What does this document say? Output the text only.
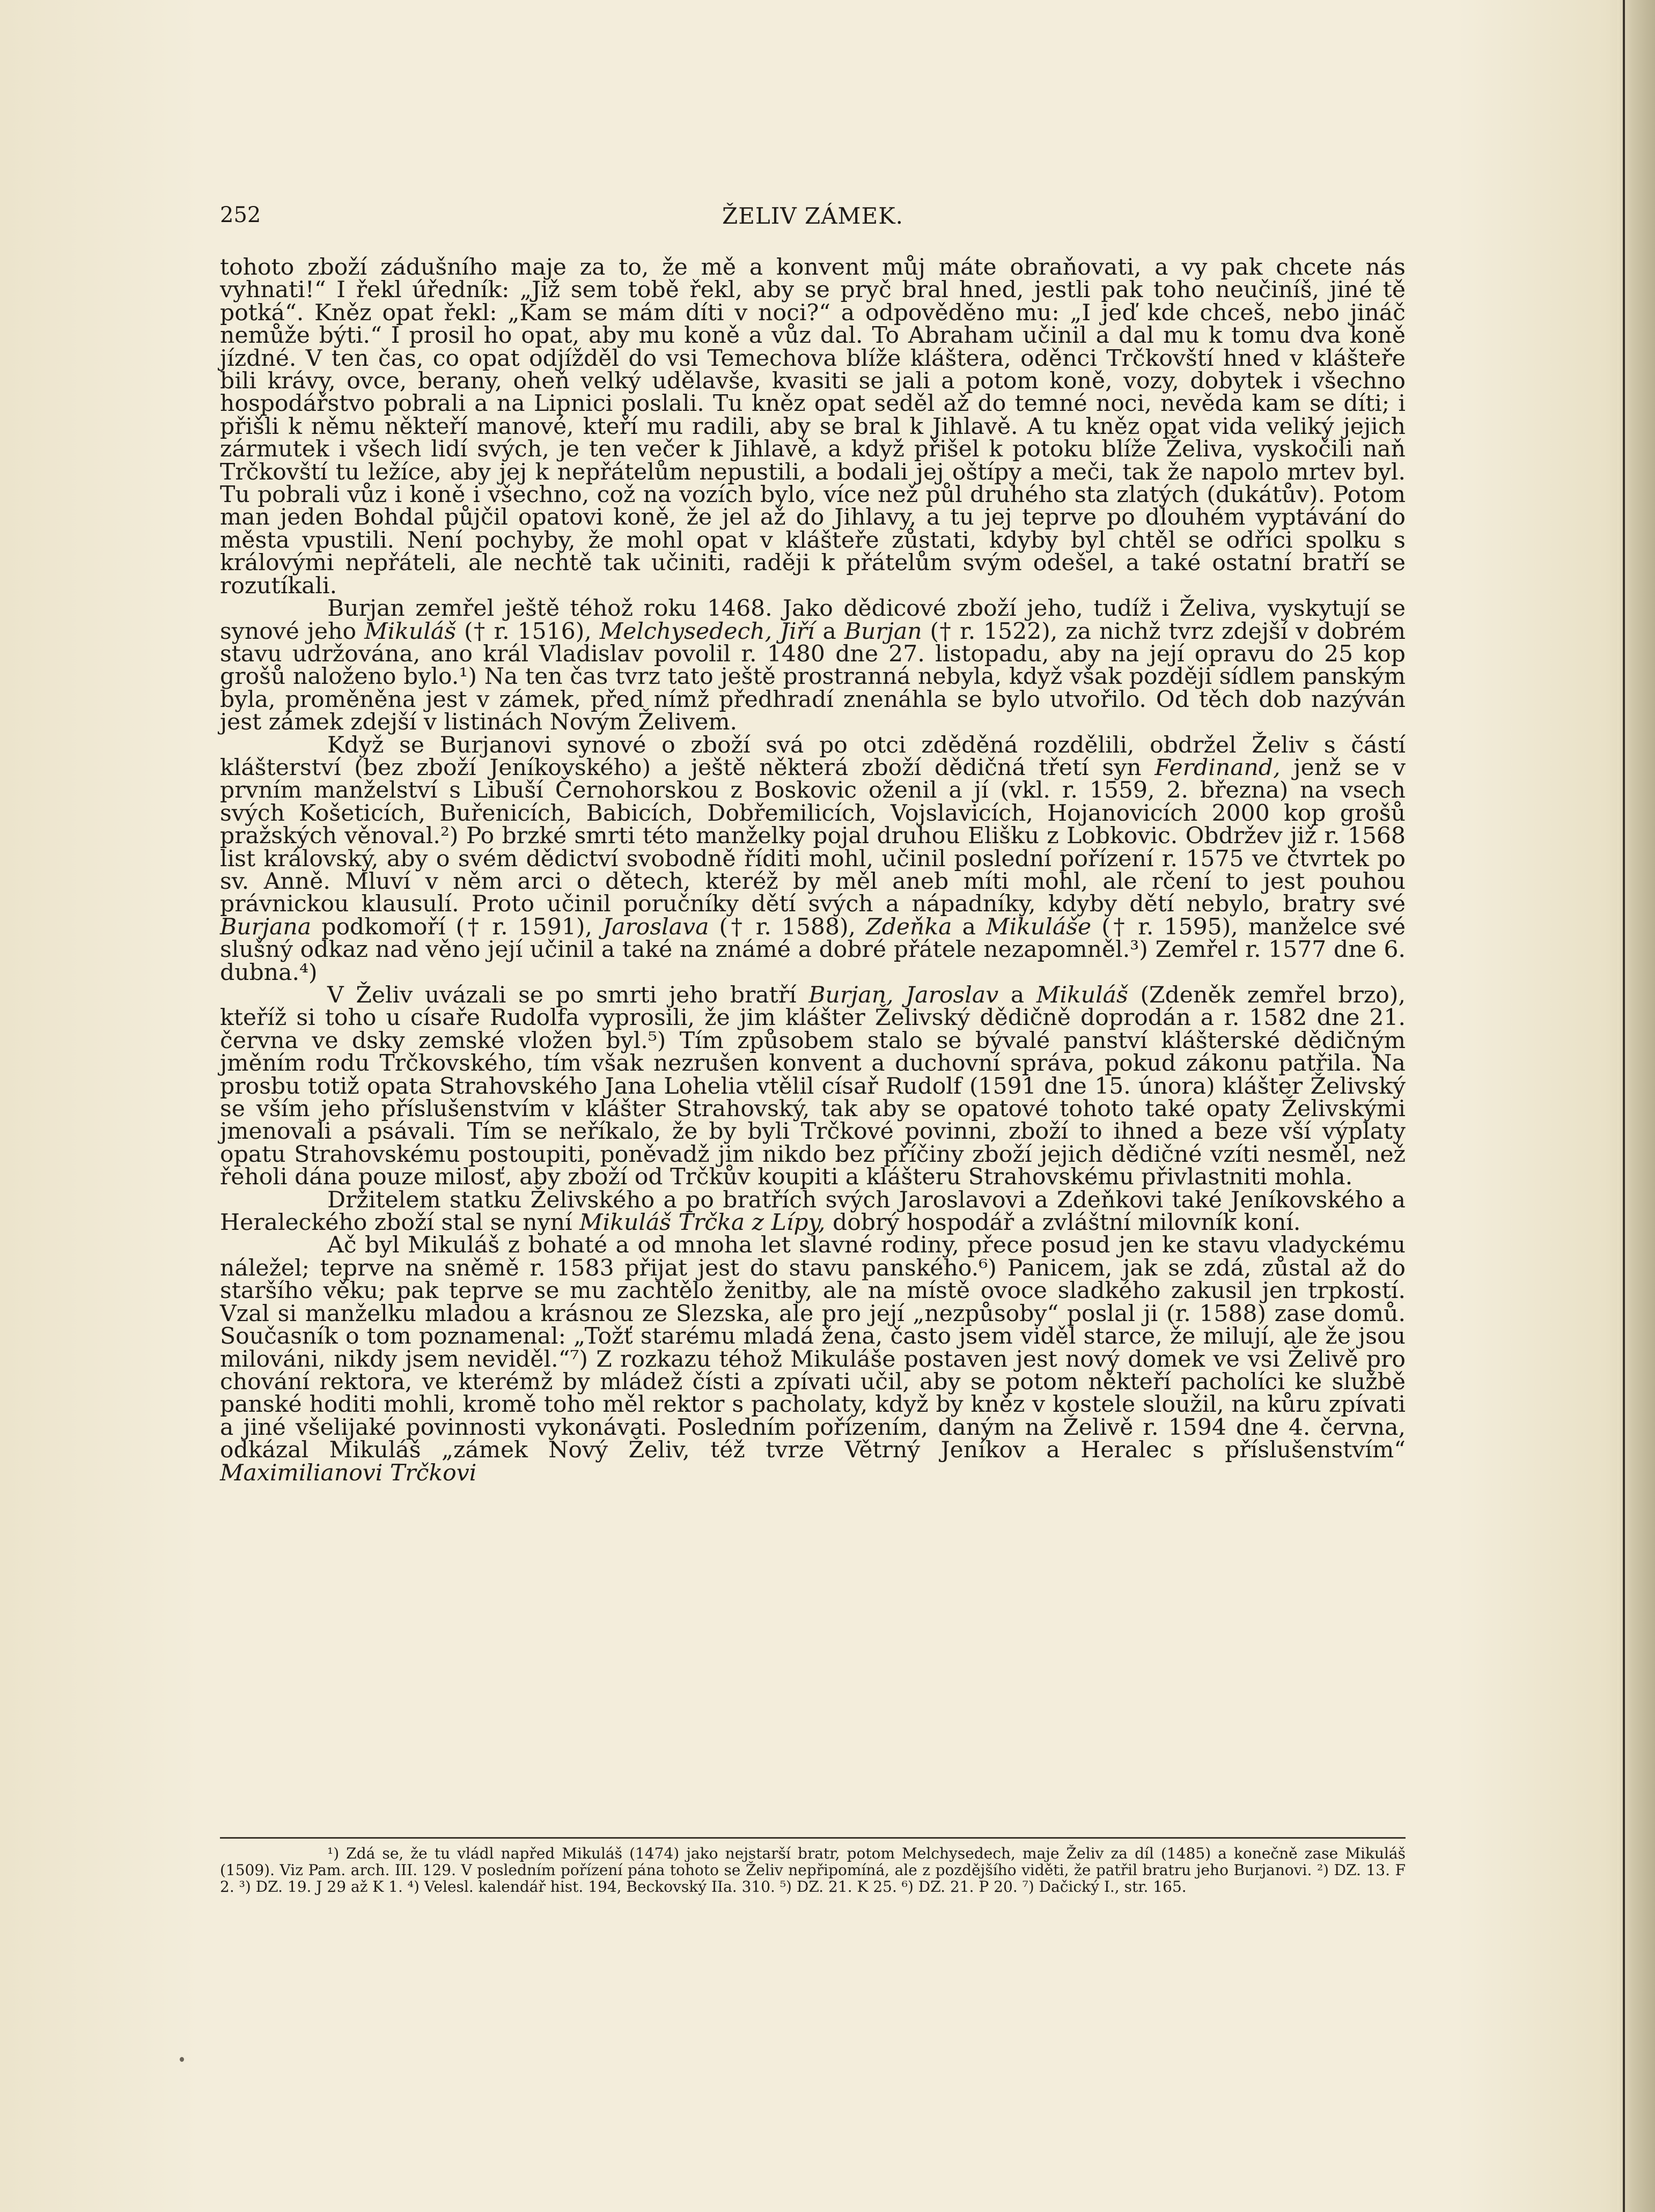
252	ŽELIV ZÁMEK.

tohoto zboží zádušního maje za to, že mě a konvent můj máte obraňovati, a vy pak chcete nás vyhnati!“ I řekl úředník: „Již sem tobě řekl, aby se pryč bral hned, jestli pak toho neučiníš, jiné tě potká“. Kněz opat řekl: „Kam se mám díti v noci?“ a odpověděno mu: „I jeď kde chceš, nebo jináč nemůže býti.“ I prosil ho opat, aby mu koně a vůz dal. To Abraham učinil a dal mu k tomu dva koně jízdné. V ten čas, co opat odjížděl do vsi Temechova blíže kláštera, oděnci Trčkovští hned v klášteře bili krávy, ovce, berany, oheň velký udělavše, kvasiti se jali a potom koně, vozy, dobytek i všechno hospodářstvo pobrali a na Lipnici poslali. Tu kněz opat seděl až do temné noci, nevěda kam se díti; i přišli k němu někteří manové, kteří mu radili, aby se bral k Jihlavě. A tu kněz opat vida veliký jejich zármutek i všech lidí svých, je ten večer k Jihlavě, a když přišel k potoku blíže Želiva, vyskočili naň Trčkovští tu ležíce, aby jej k nepřátelům nepustili, a bodali jej oštípy a meči, tak že napolo mrtev byl. Tu pobrali vůz i koně i všechno, což na vozích bylo, více než půl druhého sta zlatých (dukátův). Potom man jeden Bohdal půjčil opatovi koně, že jel až do Jihlavy, a tu jej teprve po dlouhém vyptávání do města vpustili. Není pochyby, že mohl opat v klášteře zůstati, kdyby byl chtěl se odříci spolku s královými nepřáteli, ale nechtě tak učiniti, raději k přátelům svým odešel, a také ostatní bratří se rozutíkali.

Burjan zemřel ještě téhož roku 1468. Jako dědicové zboží jeho, tudíž i Želiva, vyskytují se synové jeho Mikuláš († r. 1516), Melchysedech, Jiří a Burjan († r. 1522), za nichž tvrz zdejší v dobrém stavu udržována, ano král Vladislav povolil r. 1480 dne 27. listopadu, aby na její opravu do 25 kop grošů naloženo bylo.¹) Na ten čas tvrz tato ještě prostranná nebyla, když však později sídlem panským byla, proměněna jest v zámek, před nímž předhradí znenáhla se bylo utvořilo. Od těch dob nazýván jest zámek zdejší v listinách Novým Želivem.

Když se Burjanovi synové o zboží svá po otci zděděná rozdělili, obdržel Želiv s částí klášterství (bez zboží Jeníkovského) a ještě některá zboží dědičná třetí syn Ferdinand, jenž se v prvním manželství s Libuší Černohorskou z Boskovic oženil a jí (vkl. r. 1559, 2. března) na vsech svých Košeticích, Buřenicích, Babicích, Dobřemilicích, Vojslavicích, Hojanovicích 2000 kop grošů pražských věnoval.²) Po brzké smrti této manželky pojal druhou Elišku z Lobkovic. Obdržev již r. 1568 list královský, aby o svém dědictví svobodně říditi mohl, učinil poslední pořízení r. 1575 ve čtvrtek po sv. Anně. Mluví v něm arci o dětech, kteréž by měl aneb míti mohl, ale rčení to jest pouhou právnickou klausulí. Proto učinil poručníky dětí svých a nápadníky, kdyby dětí nebylo, bratry své Burjana podkomoří († r. 1591), Jaroslava († r. 1588), Zdeňka a Mikuláše († r. 1595), manželce své slušný odkaz nad věno její učinil a také na známé a dobré přátele nezapomněl.³) Zemřel r. 1577 dne 6. dubna.⁴)

V Želiv uvázali se po smrti jeho bratří Burjan, Jaroslav a Mikuláš (Zdeněk zemřel brzo), kteříž si toho u císaře Rudolfa vyprosili, že jim klášter Želivský dědičně doprodán a r. 1582 dne 21. června ve dsky zemské vložen byl.⁵) Tím způsobem stalo se bývalé panství klášterské dědičným jměním rodu Trčkovského, tím však nezrušen konvent a duchovní správa, pokud zákonu patřila. Na prosbu totiž opata Strahovského Jana Lohelia vtělil císař Rudolf (1591 dne 15. února) klášter Želivský se vším jeho příslušenstvím v klášter Strahovský, tak aby se opatové tohoto také opaty Želivskými jmenovali a psávali. Tím se neříkalo, že by byli Trčkové povinni, zboží to ihned a beze vší výplaty opatu Strahovskému postoupiti, poněvadž jim nikdo bez příčiny zboží jejich dědičné vzíti nesměl, než řeholi dána pouze milosť, aby zboží od Trčkův koupiti a klášteru Strahovskému přivlastniti mohla.

Držitelem statku Želivského a po bratřích svých Jaroslavovi a Zdeňkovi také Jeníkovského a Heraleckého zboží stal se nyní Mikuláš Trčka z Lípy, dobrý hospodář a zvláštní milovník koní.

Ač byl Mikuláš z bohaté a od mnoha let slavné rodiny, přece posud jen ke stavu vladyckému náležel; teprve na sněmě r. 1583 přijat jest do stavu panského.⁶) Panicem, jak se zdá, zůstal až do staršího věku; pak teprve se mu zachtělo ženitby, ale na místě ovoce sladkého zakusil jen trpkostí. Vzal si manželku mladou a krásnou ze Slezska, ale pro její „nezpůsoby“ poslal ji (r. 1588) zase domů. Současník o tom poznamenal: „Tožť starému mladá žena, často jsem viděl starce, že milují, ale že jsou milováni, nikdy jsem neviděl.“⁷) Z rozkazu téhož Mikuláše postaven jest nový domek ve vsi Želivě pro chování rektora, ve kterémž by mládež čísti a zpívati učil, aby se potom někteří pacholíci ke službě panské hoditi mohli, kromě toho měl rektor s pacholaty, když by kněz v kostele sloužil, na kůru zpívati a jiné všelijaké povinnosti vykonávati. Posledním pořízením, daným na Želivě r. 1594 dne 4. června, odkázal Mikuláš „zámek Nový Želiv, též tvrze Větrný Jeníkov a Heralec s příslušenstvím“ Maximilianovi Trčkovi

¹) Zdá se, že tu vládl napřed Mikuláš (1474) jako nejstarší bratr, potom Melchysedech, maje Želiv za díl (1485) a konečně zase Mikuláš (1509). Viz Pam. arch. III. 129. V posledním pořízení pána tohoto se Želiv nepřipomíná, ale z pozdějšího viděti, že patřil bratru jeho Burjanovi. ²) DZ. 13. F 2. ³) DZ. 19. J 29 až K 1. ⁴) Velesl. kalendář hist. 194, Beckovský IIa. 310. ⁵) DZ. 21. K 25. ⁶) DZ. 21. P 20. ⁷) Dačický I., str. 165.
